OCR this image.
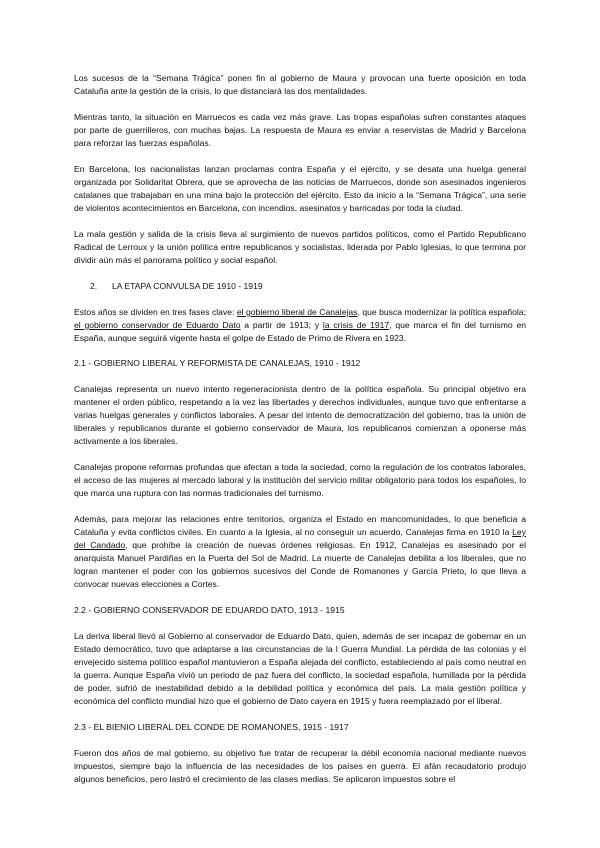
Los sucesos de la “Semana Trágica” ponen fin al gobierno de Maura y provocan una fuerte oposición en toda Cataluña ante la gestión de la crisis, lo que distanciará las dos mentalidades.

Mientras tanto, la situación en Marruecos es cada vez más grave. Las tropas españolas sufren constantes ataques por parte de guerrilleros, con muchas bajas. La respuesta de Maura es enviar a reservistas de Madrid y Barcelona para reforzar las fuerzas españolas.

En Barcelona, los nacionalistas lanzan proclamas contra España y el ejército, y se desata una huelga general organizada por Solidaritat Obrera, que se aprovecha de las noticias de Marruecos, donde son asesinados ingenieros catalanes que trabajaban en una mina bajo la protección del ejército. Esto da inicio a la “Semana Trágica”, una serie de violentos acontecimientos en Barcelona, con incendios, asesinatos y barricadas por toda la ciudad.

La mala gestión y salida de la crisis lleva al surgimiento de nuevos partidos políticos, como el Partido Republicano Radical de Lerroux y la unión política entre republicanos y socialistas, liderada por Pablo Iglesias, lo que termina por dividir aún más el panorama político y social español.

2. LA ETAPA CONVULSA DE 1910 - 1919

Estos años se dividen en tres fases clave: el gobierno liberal de Canalejas, que busca modernizar la política española; el gobierno conservador de Eduardo Dato a partir de 1913; y la crisis de 1917, que marca el fin del turnismo en España, aunque seguirá vigente hasta el golpe de Estado de Primo de Rivera en 1923.

2.1 - GOBIERNO LIBERAL Y REFORMISTA DE CANALEJAS, 1910 - 1912

Canalejas representa un nuevo intento regeneracionista dentro de la política española. Su principal objetivo era mantener el orden público, respetando a la vez las libertades y derechos individuales, aunque tuvo que enfrentarse a varias huelgas generales y conflictos laborales. A pesar del intento de democratización del gobierno, tras la unión de liberales y republicanos durante el gobierno conservador de Maura, los republicanos comienzan a oponerse más activamente a los liberales.

Canalejas propone reformas profundas que afectan a toda la sociedad, como la regulación de los contratos laborales, el acceso de las mujeres al mercado laboral y la institución del servicio militar obligatorio para todos los españoles, lo que marca una ruptura con las normas tradicionales del turnismo.

Además, para mejorar las relaciones entre territorios, organiza el Estado en mancomunidades, lo que beneficia a Cataluña y evita conflictos civiles. En cuanto a la Iglesia, al no conseguir un acuerdo, Canalejas firma en 1910 la Ley del Candado, que prohíbe la creación de nuevas órdenes religiosas. En 1912, Canalejas es asesinado por el anarquista Manuel Pardiñas en la Puerta del Sol de Madrid. La muerte de Canalejas debilita a los liberales, que no logran mantener el poder con los gobiernos sucesivos del Conde de Romanones y García Prieto, lo que lleva a convocar nuevas elecciones a Cortes.

2.2 - GOBIERNO CONSERVADOR DE EDUARDO DATO, 1913 - 1915

La deriva liberal llevó al Gobierno al conservador de Eduardo Dato, quien, además de ser incapaz de gobernar en un Estado democrático, tuvo que adaptarse a las circunstancias de la I Guerra Mundial. La pérdida de las colonias y el envejecido sistema político español mantuvieron a España alejada del conflicto, estableciendo al país como neutral en la guerra. Aunque España vivió un periodo de paz fuera del conflicto, la sociedad española, humillada por la pérdida de poder, sufrió de inestabilidad debido a la debilidad política y económica del país. La mala gestión política y económica del conflicto mundial hizo que el gobierno de Dato cayera en 1915 y fuera reemplazado por el liberal.

2.3 - EL BIENIO LIBERAL DEL CONDE DE ROMANONES, 1915 - 1917

Fueron dos años de mal gobierno, su objetivo fue tratar de recuperar la débil economía nacional mediante nuevos impuestos, siempre bajo la influencia de las necesidades de los países en guerra. El afán recaudatorio produjo algunos beneficios, pero lastró el crecimiento de las clases medias. Se aplicaron impuestos sobre el
